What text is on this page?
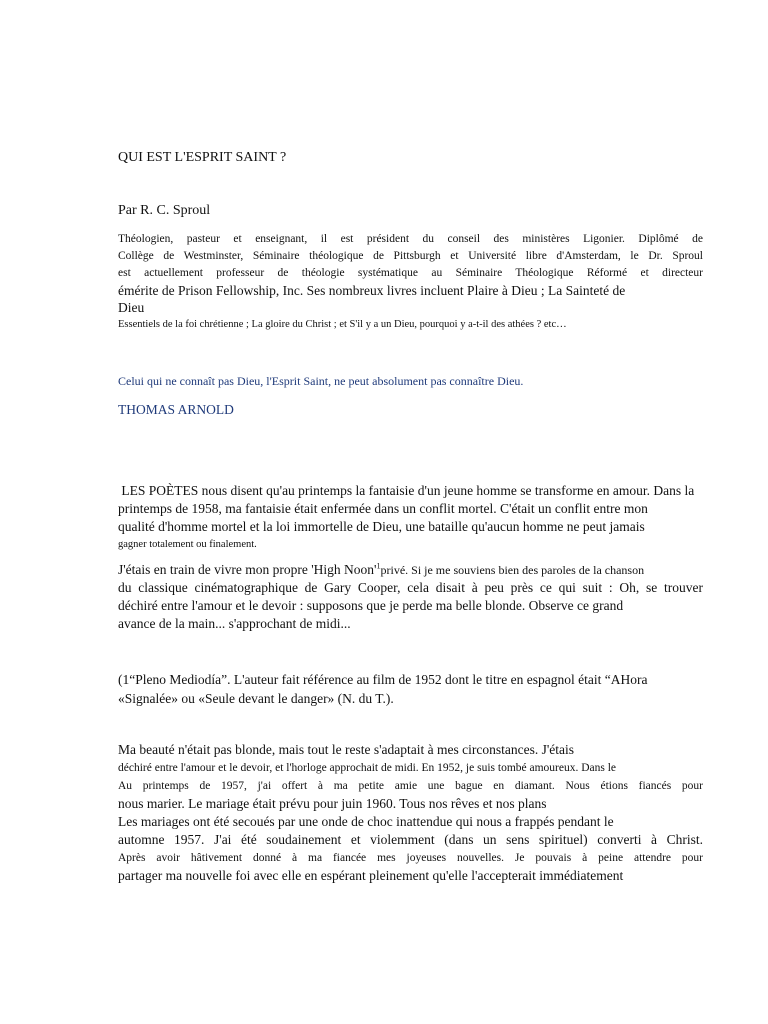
QUI EST L'ESPRIT SAINT ?
Par R. C. Sproul
Théologien, pasteur et enseignant, il est président du conseil des ministères Ligonier. Diplômé de
Collège de Westminster, Séminaire théologique de Pittsburgh et Université libre d'Amsterdam, le Dr. Sproul
est actuellement professeur de théologie systématique au Séminaire Théologique Réformé et directeur
émérite de Prison Fellowship, Inc. Ses nombreux livres incluent Plaire à Dieu ; La Sainteté de
Dieu
Essentiels de la foi chrétienne ; La gloire du Christ ; et S'il y a un Dieu, pourquoi y a-t-il des athées ? etc…
Celui qui ne connaît pas Dieu, l'Esprit Saint, ne peut absolument pas connaître Dieu.
THOMAS ARNOLD
LES POÈTES nous disent qu'au printemps la fantaisie d'un jeune homme se transforme en amour. Dans la
printemps de 1958, ma fantaisie était enfermée dans un conflit mortel. C'était un conflit entre mon
qualité d'homme mortel et la loi immortelle de Dieu, une bataille qu'aucun homme ne peut jamais
gagner totalement ou finalement.
J'étais en train de vivre mon propre 'High $Noon'^1privé$. Si je me souviens bien des paroles de la chanson
du classique cinématographique de Gary Cooper, cela disait à peu près ce qui suit : Oh, se trouver
déchiré entre l'amour et le devoir : supposons que je perde ma belle blonde. Observe ce grand
avance de la main... s'approchant de midi...
(1“Pleno Mediodía”. L'auteur fait référence au film de 1952 dont le titre en espagnol était “AHora
«Signalée» ou «Seule devant le danger» (N. du T.).
Ma beauté n'était pas blonde, mais tout le reste s'adaptait à mes circonstances. J'étais
déchiré entre l'amour et le devoir, et l'horloge approchait de midi. En 1952, je suis tombé amoureux. Dans le
Au printemps de 1957, j'ai offert à ma petite amie une bague en diamant. Nous étions fiancés pour
nous marier. Le mariage était prévu pour juin 1960. Tous nos rêves et nos plans
Les mariages ont été secoués par une onde de choc inattendue qui nous a frappés pendant le
automne 1957. J'ai été soudainement et violemment (dans un sens spirituel) converti à Christ.
Après avoir hâtivement donné à ma fiancée mes joyeuses nouvelles. Je pouvais à peine attendre pour
partager ma nouvelle foi avec elle en espérant pleinement qu'elle l'accepterait immédiatement
